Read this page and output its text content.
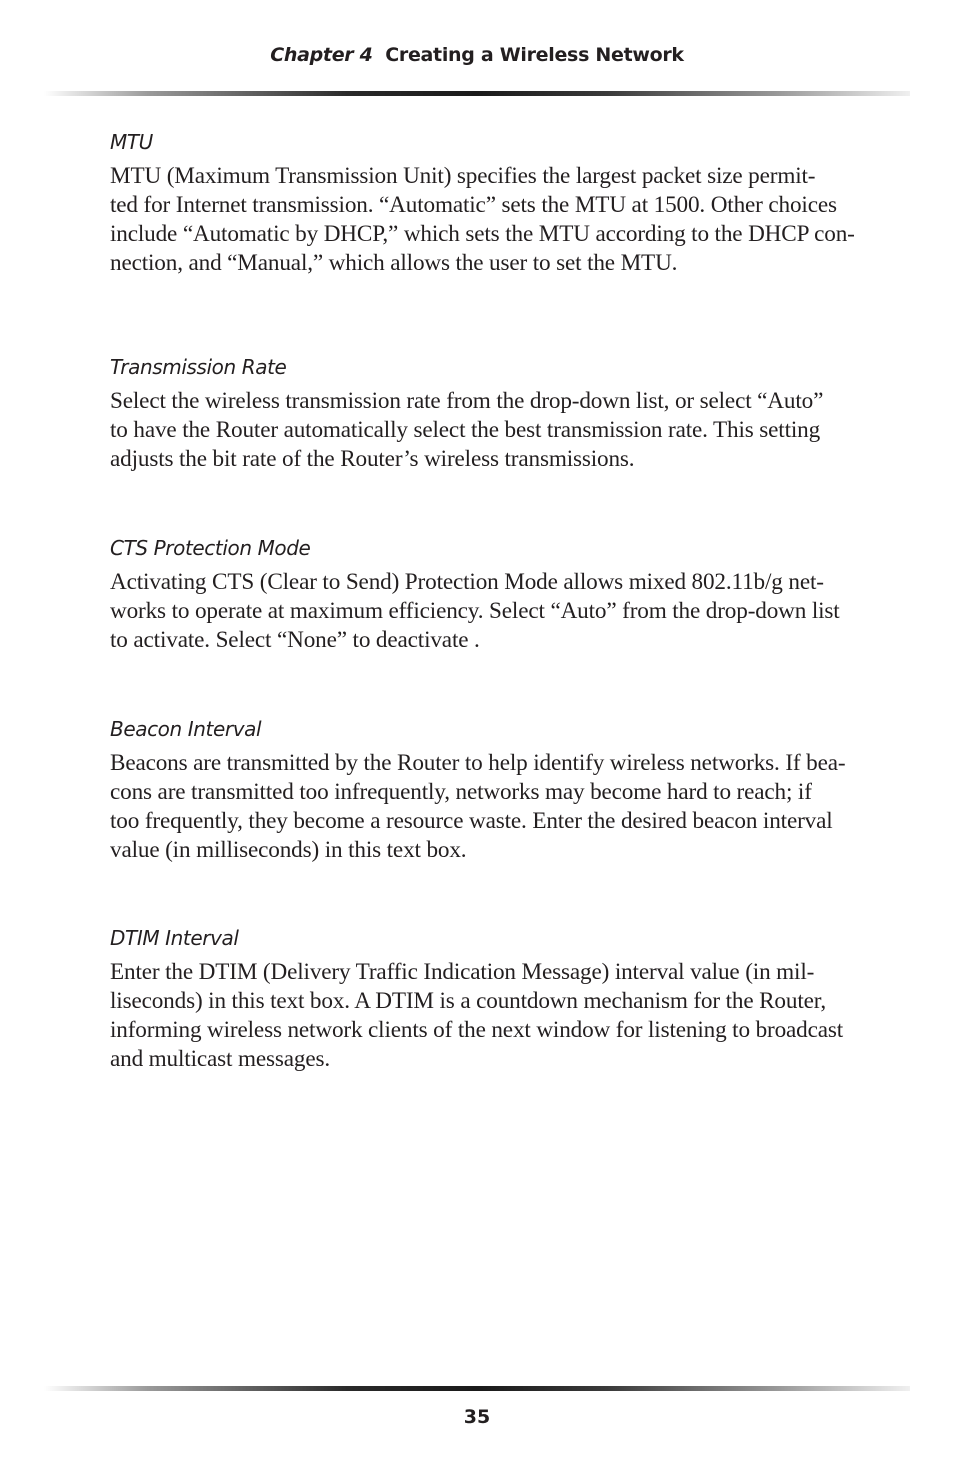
Chapter 4 Creating a Wireless Network
MTU

MTU (Maximum Transmission Unit) specifies the largest packet size permit-
ted for Internet transmission. “Automatic” sets the MTU at 1500. Other choices
include “Automatic by DHCP,” which sets the MTU according to the DHCP con-
nection, and “Manual,” which allows the user to set the MTU.

Transmission Rate

Select the wireless transmission rate from the drop-down list, or select “Auto”
to have the Router automatically select the best transmission rate. This setting
adjusts the bit rate of the Router’s wireless transmissions.

CTS Protection Mode

Activating CTS (Clear to Send) Protection Mode allows mixed 802.11b/g net-
works to operate at maximum efficiency. Select “Auto” from the drop-down list
to activate. Select “None” to deactivate .

Beacon Interval

Beacons are transmitted by the Router to help identify wireless networks. If bea-
cons are transmitted too infrequently, networks may become hard to reach; if
too frequently, they become a resource waste. Enter the desired beacon interval
value (in milliseconds) in this text box.

DTIM Interval

Enter the DTIM (Delivery Traffic Indication Message) interval value (in mil-
liseconds) in this text box. A DTIM is a countdown mechanism for the Router,
informing wireless network clients of the next window for listening to broadcast
and multicast messages.

35
